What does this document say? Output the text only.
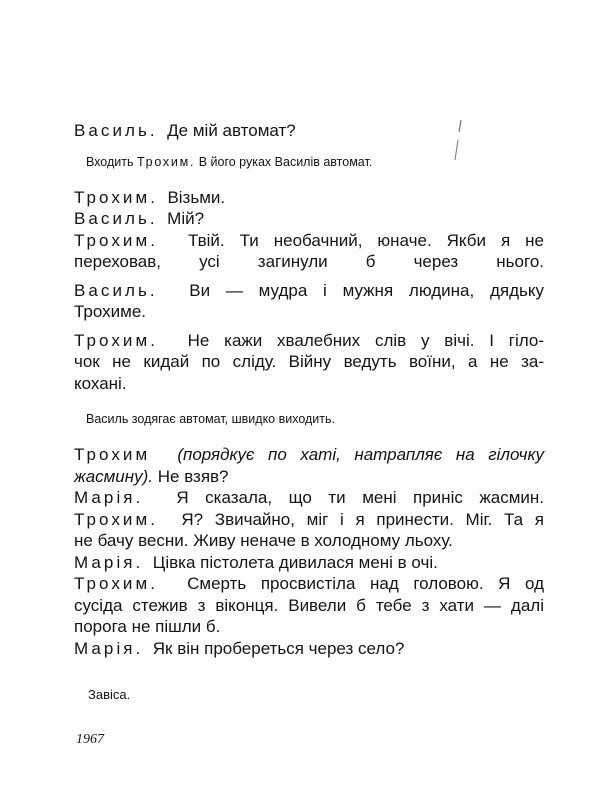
Василь. Де мій автомат?
Входить Трохим. В його руках Василів автомат.
Трохим. Візьми.
Василь. Мій?
Трохим. Твій. Ти необачний, юначе. Якби я не
переховав, усі загинули б через нього.
Василь. Ви — мудра і мужня людина, дядьку
Трохиме.
Трохим. Не кажи хвалебних слів у вічі. І гіло-
чок не кидай по сліду. Війну ведуть воїни, а не за-
кохані.
Василь зодягає автомат, швидко виходить.
Трохим (порядкує по хаті, натрапляє на гілочку
жасмину). Не взяв?
Марія. Я сказала, що ти мені приніс жасмин.
Трохим. Я? Звичайно, міг і я принести. Міг. Та я
не бачу весни. Живу неначе в холодному льоху.
Марія. Цівка пістолета дивилася мені в очі.
Трохим. Смерть просвистіла над головою. Я од
сусіда стежив з віконця. Вивели б тебе з хати — далі
порога не пішли б.
Марія. Як він пробереться через село?
Завіса.
1967
